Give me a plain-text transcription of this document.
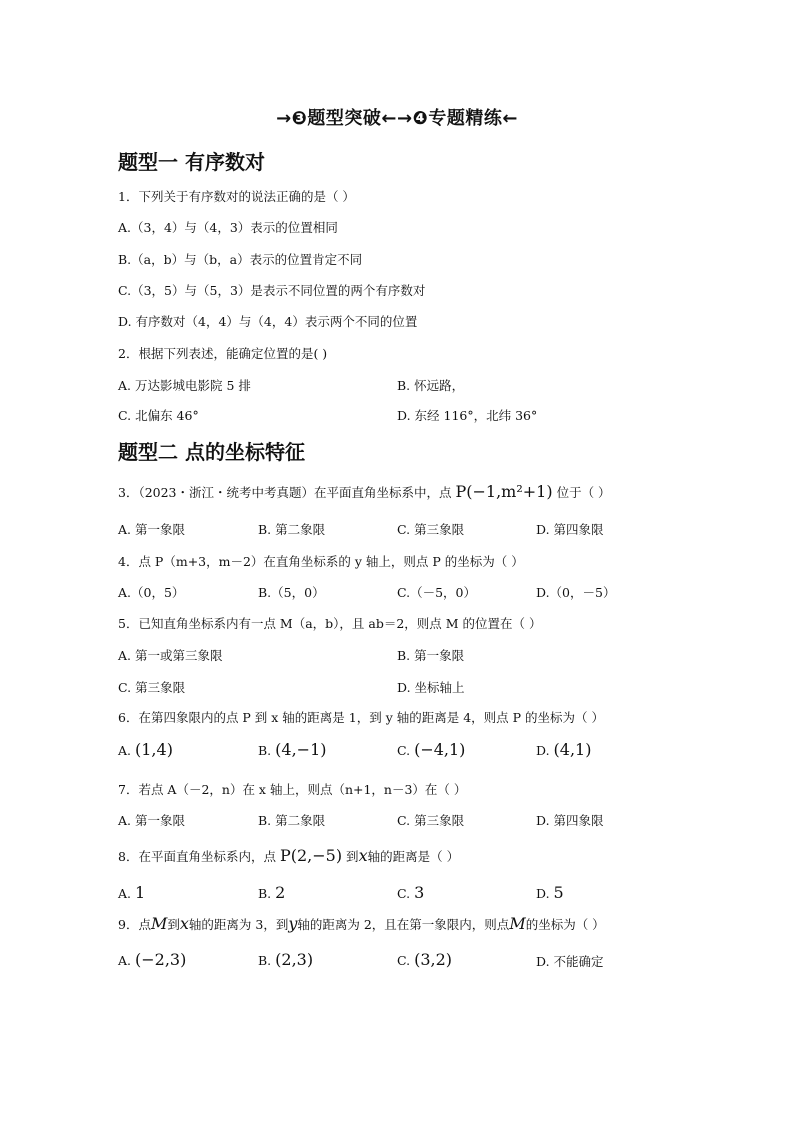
→❸题型突破←→❹专题精练←
题型一 有序数对
1．下列关于有序数对的说法正确的是（ ）
A.（3，4）与（4，3）表示的位置相同
B.（a，b）与（b，a）表示的位置肯定不同
C.（3，5）与（5，3）是表示不同位置的两个有序数对
D. 有序数对（4，4）与（4，4）表示两个不同的位置
2．根据下列表述，能确定位置的是( )
A. 万达影城电影院 5 排	B. 怀远路，
C. 北偏东 46°	D. 东经 116°，北纬 36°
题型二 点的坐标特征
3．（2023・浙江・统考中考真题）在平面直角坐标系中，点 P(−1,m²+1) 位于（ ）
A. 第一象限	B. 第二象限	C. 第三象限	D. 第四象限
4．点 P（m+3，m－2）在直角坐标系的 y 轴上，则点 P 的坐标为（ ）
A.（0，5）	B.（5，0）	C.（－5，0）	D.（0，－5）
5．已知直角坐标系内有一点 M（a，b），且 ab＝2，则点 M 的位置在（ ）
A. 第一或第三象限	B. 第一象限
C. 第三象限	D. 坐标轴上
6．在第四象限内的点 P 到 x 轴的距离是 1，到 y 轴的距离是 4，则点 P 的坐标为（ ）
A. (1,4)	B. (4,−1)	C. (−4,1)	D. (4,1)
7．若点 A（－2，n）在 x 轴上，则点（n+1，n－3）在（ ）
A. 第一象限	B. 第二象限	C. 第三象限	D. 第四象限
8．在平面直角坐标系内，点 P(2,−5) 到x轴的距离是（ ）
A. 1	B. 2	C. 3	D. 5
9．点M到x轴的距离为 3，到y轴的距离为 2，且在第一象限内，则点M的坐标为（ ）
A. (−2,3)	B. (2,3)	C. (3,2)	D. 不能确定
